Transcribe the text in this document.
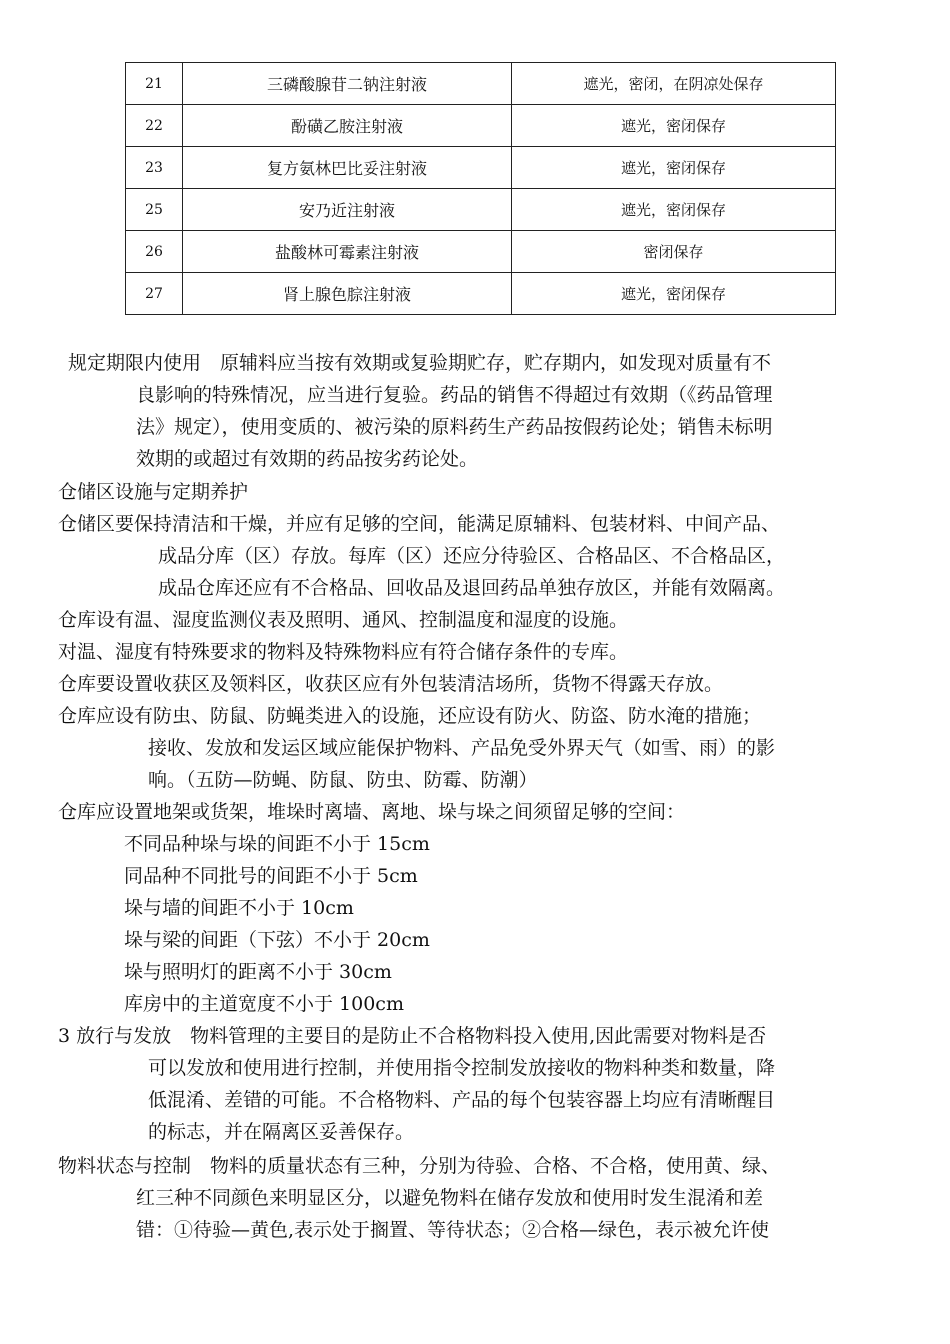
21	三磷酸腺苷二钠注射液	遮光，密闭，在阴凉处保存
22	酚磺乙胺注射液	遮光，密闭保存
23	复方氨林巴比妥注射液	遮光，密闭保存
25	安乃近注射液	遮光，密闭保存
26	盐酸林可霉素注射液	密闭保存
27	肾上腺色腙注射液	遮光，密闭保存
规定期限内使用　原辅料应当按有效期或复验期贮存，贮存期内，如发现对质量有不
良影响的特殊情况，应当进行复验。药品的销售不得超过有效期（《药品管理
法》规定），使用变质的、被污染的原料药生产药品按假药论处；销售未标明
效期的或超过有效期的药品按劣药论处。
仓储区设施与定期养护
仓储区要保持清洁和干燥，并应有足够的空间，能满足原辅料、包装材料、中间产品、
成品分库（区）存放。每库（区）还应分待验区、合格品区、不合格品区，
成品仓库还应有不合格品、回收品及退回药品单独存放区，并能有效隔离。
仓库设有温、湿度监测仪表及照明、通风、控制温度和湿度的设施。
对温、湿度有特殊要求的物料及特殊物料应有符合储存条件的专库。
仓库要设置收获区及领料区，收获区应有外包装清洁场所，货物不得露天存放。
仓库应设有防虫、防鼠、防蝇类进入的设施，还应设有防火、防盗、防水淹的措施；
接收、发放和发运区域应能保护物料、产品免受外界天气（如雪、雨）的影
响。（五防—防蝇、防鼠、防虫、防霉、防潮）
仓库应设置地架或货架，堆垛时离墙、离地、垛与垛之间须留足够的空间：
不同品种垛与垛的间距不小于 15cm
同品种不同批号的间距不小于 5cm
垛与墙的间距不小于 10cm
垛与梁的间距（下弦）不小于 20cm
垛与照明灯的距离不小于 30cm
库房中的主道宽度不小于 100cm
3 放行与发放　物料管理的主要目的是防止不合格物料投入使用,因此需要对物料是否
可以发放和使用进行控制，并使用指令控制发放接收的物料种类和数量，降
低混淆、差错的可能。不合格物料、产品的每个包装容器上均应有清晰醒目
的标志，并在隔离区妥善保存。
物料状态与控制　物料的质量状态有三种，分别为待验、合格、不合格，使用黄、绿、
红三种不同颜色来明显区分，以避免物料在储存发放和使用时发生混淆和差
错：①待验—黄色,表示处于搁置、等待状态；②合格—绿色，表示被允许使
